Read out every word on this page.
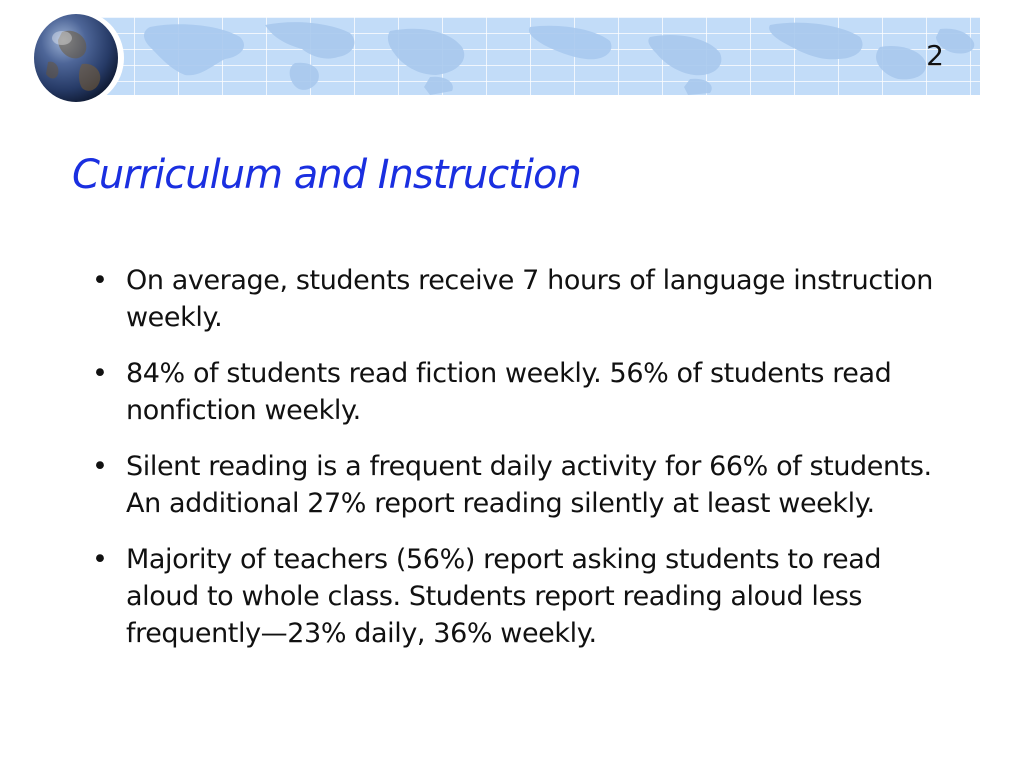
2
Curriculum and Instruction
• On average, students receive 7 hours of language instruction weekly.
• 84% of students read fiction weekly. 56% of students read nonfiction weekly.
• Silent reading is a frequent daily activity for 66% of students. An additional 27% report reading silently at least weekly.
• Majority of teachers (56%) report asking students to read aloud to whole class. Students report reading aloud less frequently—23% daily, 36% weekly.
